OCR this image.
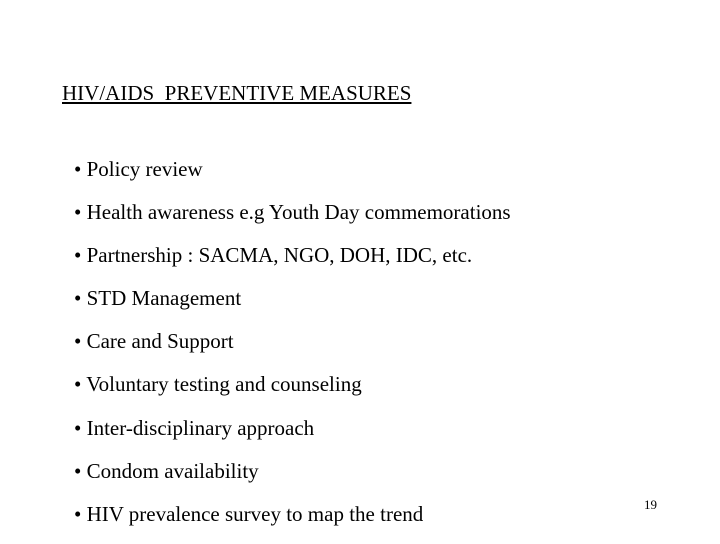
HIV/AIDS  PREVENTIVE MEASURES
• Policy review
• Health awareness e.g Youth Day commemorations
• Partnership : SACMA, NGO, DOH, IDC, etc.
• STD Management
• Care and Support
• Voluntary testing and counseling
• Inter-disciplinary approach
• Condom availability
• HIV prevalence survey to map the trend	19
